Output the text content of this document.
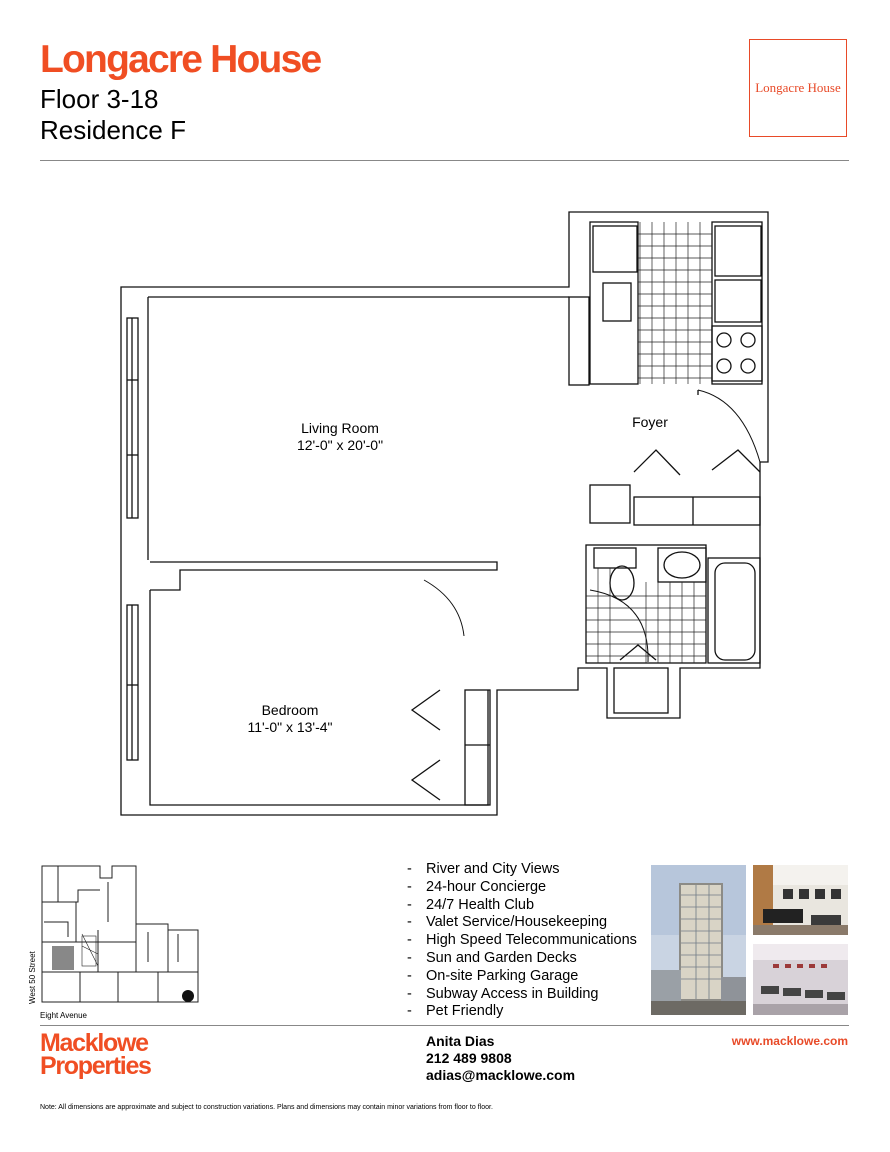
Longacre House
Floor 3-18
Residence F
Longacre House
Living Room
12'-0" x 20'-0"
Foyer
Bedroom
11'-0" x 13'-4"
West 50 Street
Eight Avenue
- River and City Views
- 24-hour Concierge
- 24/7 Health Club
- Valet Service/Housekeeping
- High Speed Telecommunications
- Sun and Garden Decks
- On-site Parking Garage
- Subway Access in Building
- Pet Friendly
Macklowe
Properties
Anita Dias
212 489 9808
adias@macklowe.com
www.macklowe.com
Note: All dimensions are approximate and subject to construction variations. Plans and dimensions may contain minor variations from floor to floor.
